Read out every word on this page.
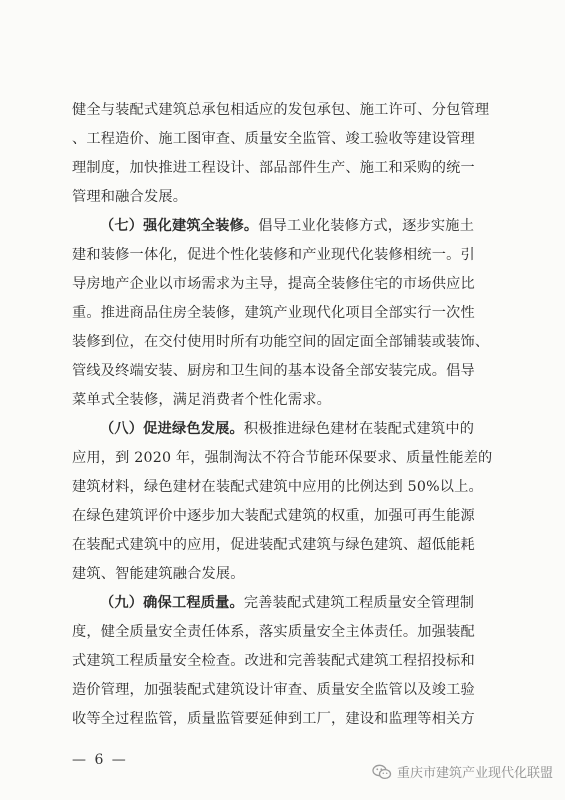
健全与装配式建筑总承包相适应的发包承包、施工许可、分包管理
、工程造价、施工图审查、质量安全监管、竣工验收等建设管理
理制度，加快推进工程设计、部品部件生产、施工和采购的统一
管理和融合发展。

（七）强化建筑全装修。倡导工业化装修方式，逐步实施土
建和装修一体化，促进个性化装修和产业现代化装修相统一。引
导房地产企业以市场需求为主导，提高全装修住宅的市场供应比
重。推进商品住房全装修，建筑产业现代化项目全部实行一次性
装修到位，在交付使用时所有功能空间的固定面全部铺装或装饰、
管线及终端安装、厨房和卫生间的基本设备全部安装完成。倡导
菜单式全装修，满足消费者个性化需求。

（八）促进绿色发展。积极推进绿色建材在装配式建筑中的
应用，到 2020 年，强制淘汰不符合节能环保要求、质量性能差的
建筑材料，绿色建材在装配式建筑中应用的比例达到 50%以上。
在绿色建筑评价中逐步加大装配式建筑的权重，加强可再生能源
在装配式建筑中的应用，促进装配式建筑与绿色建筑、超低能耗
建筑、智能建筑融合发展。

（九）确保工程质量。完善装配式建筑工程质量安全管理制
度，健全质量安全责任体系，落实质量安全主体责任。加强装配
式建筑工程质量安全检查。改进和完善装配式建筑工程招投标和
造价管理，加强装配式建筑设计审查、质量安全监管以及竣工验
收等全过程监管，质量监管要延伸到工厂，建设和监理等相关方

— 6 —
重庆市建筑产业现代化联盟
